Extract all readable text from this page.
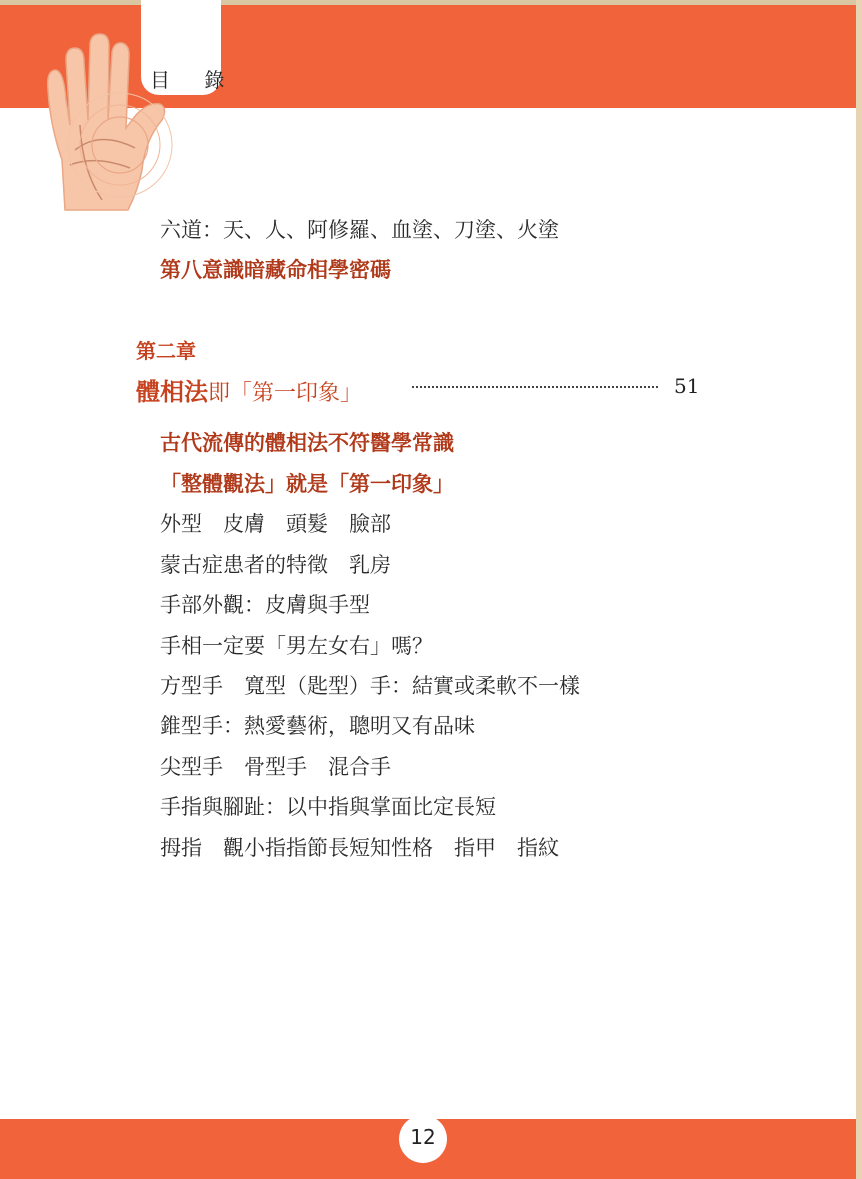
目 錄
六道：天、人、阿修羅、血塗、刀塗、火塗
第八意識暗藏命相學密碼
第二章
體相法即「第一印象」	51
古代流傳的體相法不符醫學常識
「整體觀法」就是「第一印象」
外型　皮膚　頭髮　臉部
蒙古症患者的特徵　乳房
手部外觀：皮膚與手型
手相一定要「男左女右」嗎？
方型手　寬型（匙型）手：結實或柔軟不一樣
錐型手：熱愛藝術，聰明又有品味
尖型手　骨型手　混合手
手指與腳趾：以中指與掌面比定長短
拇指　觀小指指節長短知性格　指甲　指紋
12
